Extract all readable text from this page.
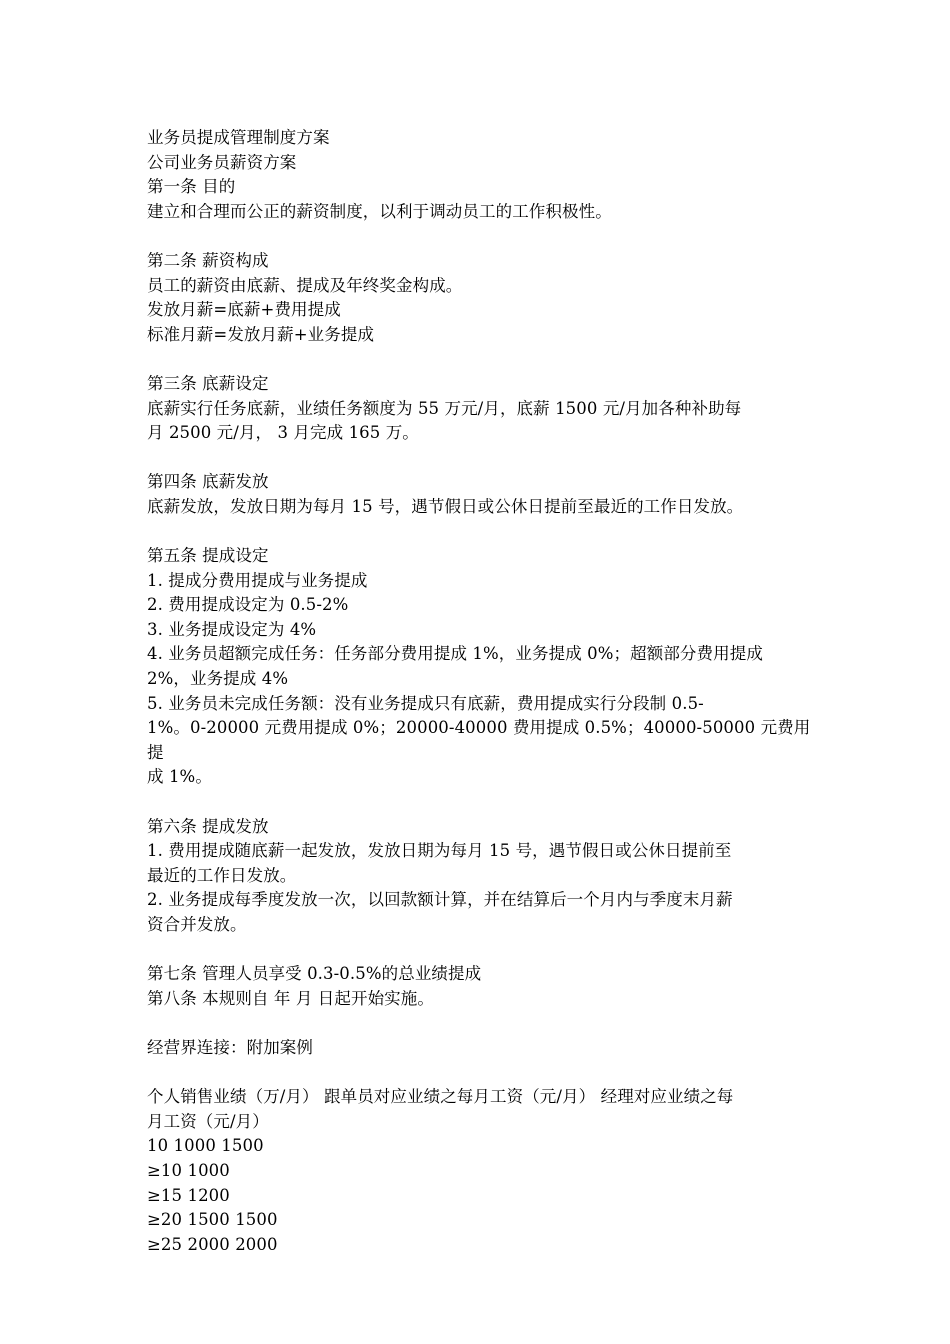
业务员提成管理制度方案

公司业务员薪资方案

第一条 目的

建立和合理而公正的薪资制度，以利于调动员工的工作积极性。

第二条 薪资构成

员工的薪资由底薪、提成及年终奖金构成。

发放月薪=底薪+费用提成

标准月薪=发放月薪+业务提成

第三条 底薪设定

底薪实行任务底薪，业绩任务额度为 55 万元/月，底薪 1500 元/月加各种补助每

月 2500 元/月， 3 月完成 165 万。

第四条 底薪发放

底薪发放，发放日期为每月 15 号，遇节假日或公休日提前至最近的工作日发放。

第五条 提成设定

1. 提成分费用提成与业务提成

2. 费用提成设定为 0.5-2%

3. 业务提成设定为 4%

4. 业务员超额完成任务：任务部分费用提成 1%，业务提成 0%；超额部分费用提成

2%，业务提成 4%

5. 业务员未完成任务额：没有业务提成只有底薪，费用提成实行分段制 0.5-

1%。0-20000 元费用提成 0%；20000-40000 费用提成 0.5%；40000-50000 元费用提

成 1%。

第六条 提成发放

1. 费用提成随底薪一起发放，发放日期为每月 15 号，遇节假日或公休日提前至

最近的工作日发放。

2. 业务提成每季度发放一次，以回款额计算，并在结算后一个月内与季度末月薪

资合并发放。

第七条 管理人员享受 0.3-0.5%的总业绩提成

第八条 本规则自 年 月 日起开始实施。

经营界连接：附加案例

个人销售业绩（万/月） 跟单员对应业绩之每月工资（元/月） 经理对应业绩之每

月工资（元/月）

10 1000 1500

≥10 1000

≥15 1200

≥20 1500 1500

≥25 2000 2000
